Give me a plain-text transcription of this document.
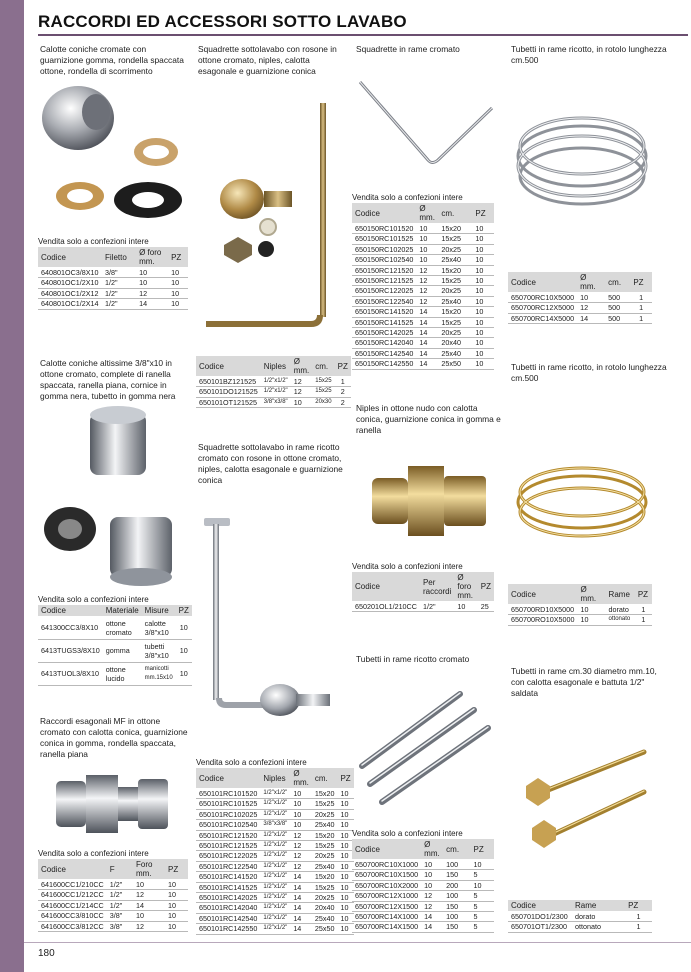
RACCORDI ED ACCESSORI SOTTO LAVABO
Calotte coniche cromate con guarnizione gomma, rondella spaccata ottone, rondella di scorrimento
Vendita solo a confezioni intere
Codice	Filetto	Ø foro mm.	PZ
640801OC3/8X10	3/8"	10	10
640801OC1/2X10	1/2"	10	10
640801OC1/2X12	1/2"	12	10
640801OC1/2X14	1/2"	14	10
Calotte coniche altissime 3/8"x10 in ottone cromato, complete di ranella spaccata, ranella piana, cornice in gomma nera, tubetto in gomma nera
Vendita solo a confezioni intere
Codice	Materiale	Misure	PZ
641300CC3/8X10	ottone cromato	calotte 3/8"x10	10
6413TUGS3/8X10	gomma	tubetti 3/8"x10	10
6413TUOL3/8X10	ottone lucido	manicotti mm.15x10	10
Raccordi esagonali MF in ottone cromato con calotta conica, guarnizione conica in gomma, rondella spaccata, ranella piana
Vendita solo a confezioni intere
Codice	F	Foro mm.	PZ
641600CC1/210CC	1/2"	10	10
641600CC1/212CC	1/2"	12	10
641600CC1/214CC	1/2"	14	10
641600CC3/810CC	3/8"	10	10
641600CC3/812CC	3/8"	12	10
Squadrette sottolavabo con rosone in ottone cromato, niples, calotta esagonale e guarnizione conica
Codice	Niples	Ø mm.	cm.	PZ
650101BZ121525	1/2"x1/2"	12	15x25	1
650101DO121525	1/2"x1/2"	12	15x25	2
650101OT121525	3/8"x3/8"	10	20x30	2
Squadrette sottolavabo in rame ricotto cromato con rosone in ottone cromato, niples, calotta esagonale e guarnizione conica
Vendita solo a confezioni intere
Codice	Niples	Ø mm.	cm.	PZ
650101RC101520	1/2"x1/2"	10	15x20	10
650101RC101525	1/2"x1/2"	10	15x25	10
650101RC102025	1/2"x1/2"	10	20x25	10
650101RC102540	3/8"x3/8"	10	25x40	10
650101RC121520	1/2"x1/2"	12	15x20	10
650101RC121525	1/2"x1/2"	12	15x25	10
650101RC122025	1/2"x1/2"	12	20x25	10
650101RC122540	1/2"x1/2"	12	25x40	10
650101RC141520	1/2"x1/2"	14	15x20	10
650101RC141525	1/2"x1/2"	14	15x25	10
650101RC142025	1/2"x1/2"	14	20x25	10
650101RC142040	1/2"x1/2"	14	20x40	10
650101RC142540	1/2"x1/2"	14	25x40	10
650101RC142550	1/2"x1/2"	14	25x50	10
Squadrette in rame cromato
Vendita solo a confezioni intere
Codice	Ø mm.	cm.	PZ
650150RC101520	10	15x20	10
650150RC101525	10	15x25	10
650150RC102025	10	20x25	10
650150RC102540	10	25x40	10
650150RC121520	12	15x20	10
650150RC121525	12	15x25	10
650150RC122025	12	20x25	10
650150RC122540	12	25x40	10
650150RC141520	14	15x20	10
650150RC141525	14	15x25	10
650150RC142025	14	20x25	10
650150RC142040	14	20x40	10
650150RC142540	14	25x40	10
650150RC142550	14	25x50	10
Niples in ottone nudo con calotta conica, guarnizione conica in gomma e ranella
Vendita solo a confezioni intere
Codice	Per raccordi	Ø foro mm.	PZ
650201OL1/210CC	1/2"	10	25
Tubetti in rame ricotto cromato
Vendita solo a confezioni intere
Codice	Ø mm.	cm.	PZ
650700RC10X1000	10	100	10
650700RC10X1500	10	150	5
650700RC10X2000	10	200	10
650700RC12X1000	12	100	5
650700RC12X1500	12	150	5
650700RC14X1000	14	100	5
650700RC14X1500	14	150	5
Tubetti in rame ricotto, in rotolo lunghezza cm.500
Codice	Ø mm.	cm.	PZ
650700RC10X5000	10	500	1
650700RC12X5000	12	500	1
650700RC14X5000	14	500	1
Tubetti in rame ricotto, in rotolo lunghezza cm.500
Codice	Ø mm.	Rame	PZ
650700RD10X5000	10	dorato	1
650700RO10X5000	10	ottonato	1
Tubetti in rame cm.30 diametro mm.10, con calotta esagonale e battuta 1/2" saldata
Codice	Rame	PZ
650701DO1/2300	dorato	1
650701OT1/2300	ottonato	1
180
